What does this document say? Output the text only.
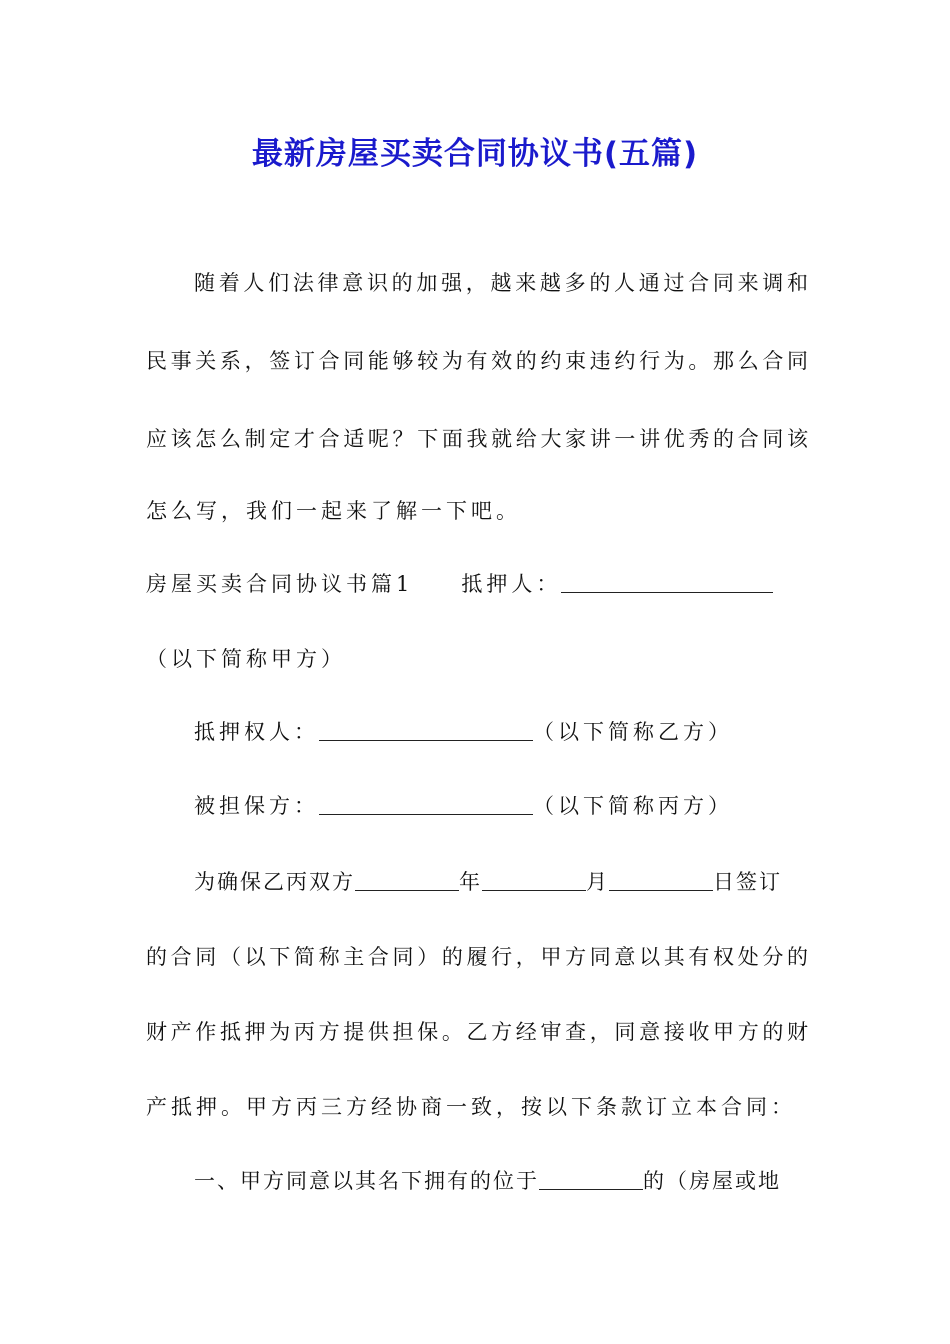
最新房屋买卖合同协议书(五篇)
随着人们法律意识的加强，越来越多的人通过合同来调和
民事关系，签订合同能够较为有效的约束违约行为。那么合同
应该怎么制定才合适呢？下面我就给大家讲一讲优秀的合同该
怎么写，我们一起来了解一下吧。
房屋买卖合同协议书篇1 抵押人：
（以下简称甲方）
抵押权人：	（以下简称乙方）
被担保方：	（以下简称丙方）
为确保乙丙双方	年	月	日签订
的合同（以下简称主合同）的履行，甲方同意以其有权处分的
财产作抵押为丙方提供担保。乙方经审查，同意接收甲方的财
产抵押。甲方丙三方经协商一致，按以下条款订立本合同：
一、甲方同意以其名下拥有的位于	的（房屋或地
